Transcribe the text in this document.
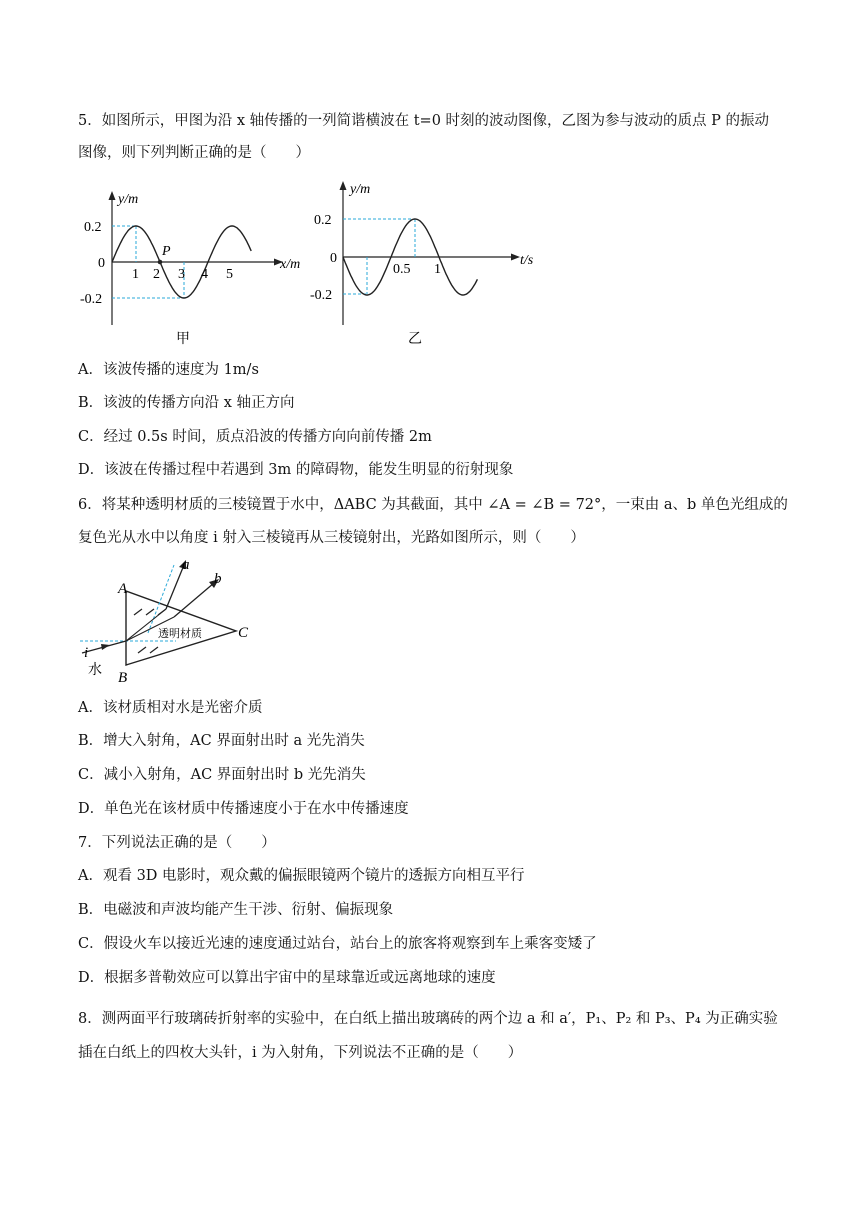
5．如图所示，甲图为沿 x 轴传播的一列简谐横波在 t=0 时刻的波动图像，乙图为参与波动的质点 P 的振动
图像，则下列判断正确的是（　　）
y/m
x/m
P
0.2
0
-0.2
1 2 3 4 5
甲
y/m
t/s
0.2
0
-0.2
0.5 1
乙
A．该波传播的速度为 1m/s
B．该波的传播方向沿 x 轴正方向
C．经过 0.5s 时间，质点沿波的传播方向向前传播 2m
D．该波在传播过程中若遇到 3m 的障碍物，能发生明显的衍射现象
6．将某种透明材质的三棱镜置于水中，ΔABC 为其截面，其中 ∠A = ∠B = 72°，一束由 a、b 单色光组成的
复色光从水中以角度 i 射入三棱镜再从三棱镜射出，光路如图所示，则（　　）
A
B
C
a
b
i
透明材质
水
A．该材质相对水是光密介质
B．增大入射角，AC 界面射出时 a 光先消失
C．减小入射角，AC 界面射出时 b 光先消失
D．单色光在该材质中传播速度小于在水中传播速度
7．下列说法正确的是（　　）
A．观看 3D 电影时，观众戴的偏振眼镜两个镜片的透振方向相互平行
B．电磁波和声波均能产生干涉、衍射、偏振现象
C．假设火车以接近光速的速度通过站台，站台上的旅客将观察到车上乘客变矮了
D．根据多普勒效应可以算出宇宙中的星球靠近或远离地球的速度
8．测两面平行玻璃砖折射率的实验中，在白纸上描出玻璃砖的两个边 a 和 a′，P₁、P₂ 和 P₃、P₄ 为正确实验
插在白纸上的四枚大头针，i 为入射角，下列说法不正确的是（　　）
